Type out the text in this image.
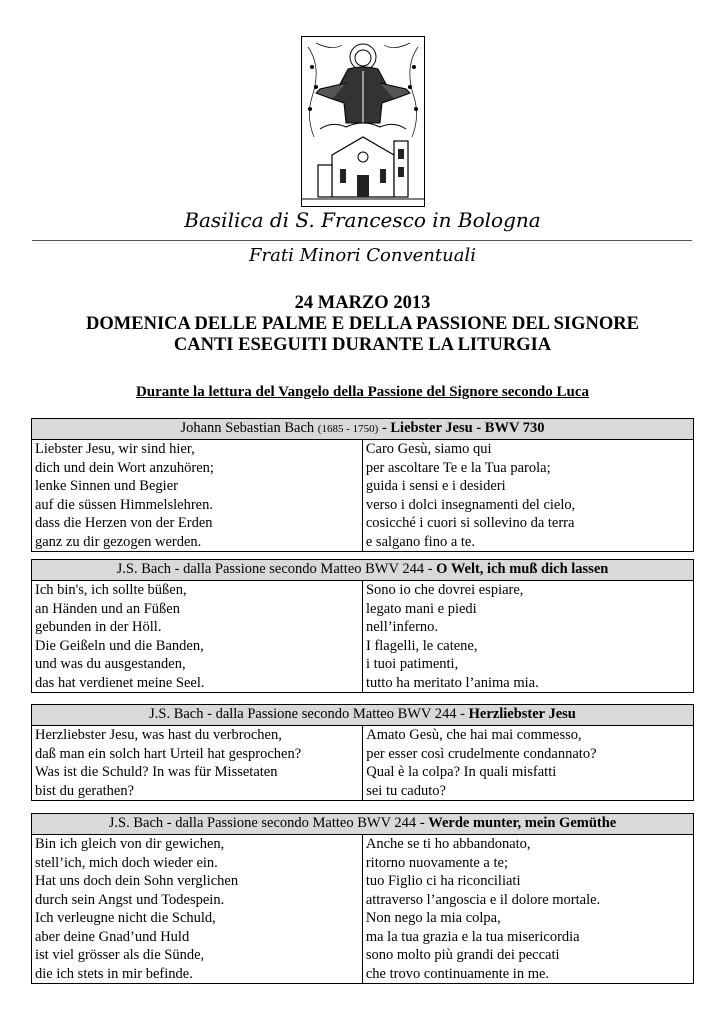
Basilica di S. Francesco in Bologna
Frati Minori Conventuali
24 MARZO 2013
DOMENICA DELLE PALME E DELLA PASSIONE DEL SIGNORE
CANTI ESEGUITI DURANTE LA LITURGIA
Durante la lettura del Vangelo della Passione del Signore secondo Luca
Johann Sebastian Bach (1685 - 1750) - Liebster Jesu - BWV 730

Liebster Jesu, wir sind hier,
dich und dein Wort anzuhören;
lenke Sinnen und Begier
auf die süssen Himmelslehren.
dass die Herzen von der Erden
ganz zu dir gezogen werden.

Caro Gesù, siamo qui
per ascoltare Te e la Tua parola;
guida i sensi e i desideri
verso i dolci insegnamenti del cielo,
cosicché i cuori si sollevino da terra
e salgano fino a te.
J.S. Bach - dalla Passione secondo Matteo BWV 244 - O Welt, ich muß dich lassen

Ich bin's, ich sollte büßen,
an Händen und an Füßen
gebunden in der Höll.
Die Geißeln und die Banden,
und was du ausgestanden,
das hat verdienet meine Seel.

Sono io che dovrei espiare,
legato mani e piedi
nell’inferno.
I flagelli, le catene,
i tuoi patimenti,
tutto ha meritato l’anima mia.
J.S. Bach - dalla Passione secondo Matteo BWV 244 - Herzliebster Jesu

Herzliebster Jesu, was hast du verbrochen,
daß man ein solch hart Urteil hat gesprochen?
Was ist die Schuld? In was für Missetaten
bist du gerathen?

Amato Gesù, che hai mai commesso,
per esser così crudelmente condannato?
Qual è la colpa? In quali misfatti
sei tu caduto?
J.S. Bach - dalla Passione secondo Matteo BWV 244 - Werde munter, mein Gemüthe

Bin ich gleich von dir gewichen,
stell’ich, mich doch wieder ein.
Hat uns doch dein Sohn verglichen
durch sein Angst und Todespein.
Ich verleugne nicht die Schuld,
aber deine Gnad’und Huld
ist viel grösser als die Sünde,
die ich stets in mir befinde.

Anche se ti ho abbandonato,
ritorno nuovamente a te;
tuo Figlio ci ha riconciliati
attraverso l’angoscia e il dolore mortale.
Non nego la mia colpa,
ma la tua grazia e la tua misericordia
sono molto più grandi dei peccati
che trovo continuamente in me.
